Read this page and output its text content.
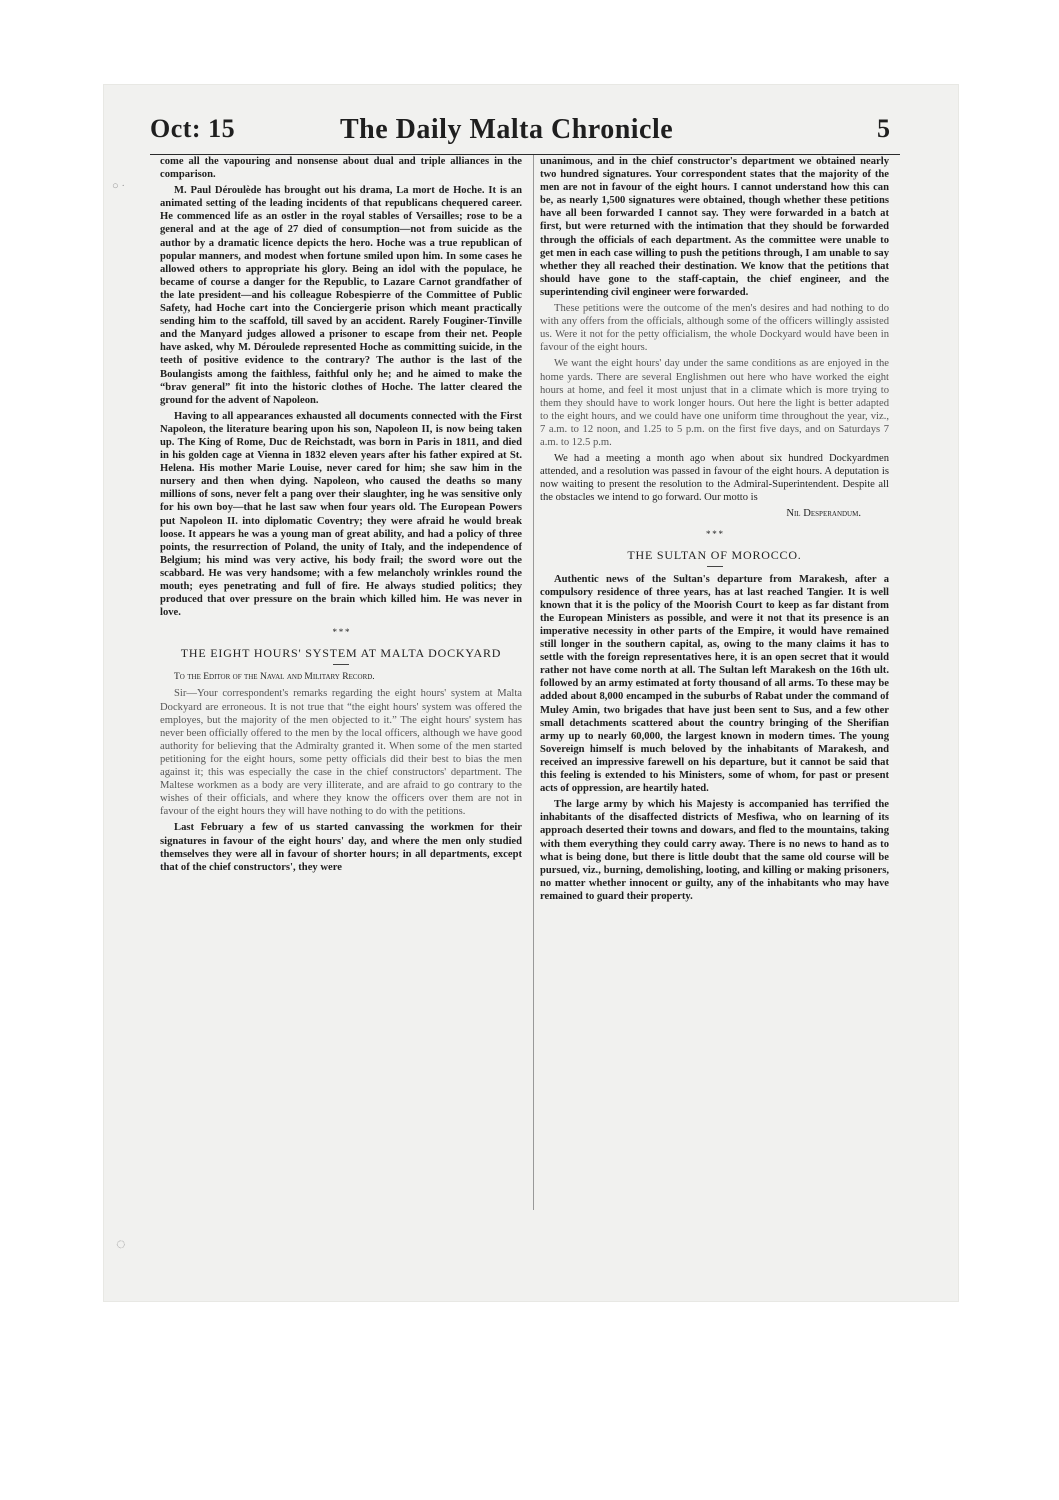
○ ·
◌
Oct: 15	The Daily Malta Chronicle	5

come all the vapouring and nonsense about dual and triple alliances in the comparison.

M. Paul Déroulède has brought out his drama, La mort de Hoche. It is an animated setting of the leading incidents of that republicans chequered career. He commenced life as an ostler in the royal stables of Versailles; rose to be a general and at the age of 27 died of consumption—not from suicide as the author by a dramatic licence depicts the hero. Hoche was a true republican of popular manners, and modest when fortune smiled upon him. In some cases he allowed others to appropriate his glory. Being an idol with the populace, he became of course a danger for the Republic, to Lazare Carnot grandfather of the late president—and his colleague Robespierre of the Committee of Public Safety, had Hoche cart into the Conciergerie prison which meant practically sending him to the scaffold, till saved by an accident. Rarely Fouginer-Tinville and the Manyard judges allowed a prisoner to escape from their net. People have asked, why M. Déroulede represented Hoche as committing suicide, in the teeth of positive evidence to the contrary? The author is the last of the Boulangists among the faithless, faithful only he; and he aimed to make the “brav general” fit into the historic clothes of Hoche. The latter cleared the ground for the advent of Napoleon.

Having to all appearances exhausted all documents connected with the First Napoleon, the literature bearing upon his son, Napoleon II, is now being taken up. The King of Rome, Duc de Reichstadt, was born in Paris in 1811, and died in his golden cage at Vienna in 1832 eleven years after his father expired at St. Helena. His mother Marie Louise, never cared for him; she saw him in the nursery and then when dying. Napoleon, who caused the deaths so many millions of sons, never felt a pang over their slaughter, ing he was sensitive only for his own boy—that he last saw when four years old. The European Powers put Napoleon II. into diplomatic Coventry; they were afraid he would break loose. It appears he was a young man of great ability, and had a policy of three points, the resurrection of Poland, the unity of Italy, and the independence of Belgium; his mind was very active, his body frail; the sword wore out the scabbard. He was very handsome; with a few melancholy wrinkles round the mouth; eyes penetrating and full of fire. He always studied politics; they produced that over pressure on the brain which killed him. He was never in love.

* * *
THE EIGHT HOURS' SYSTEM AT MALTA DOCKYARD

To the Editor of the Naval and Military Record.

Sir—Your correspondent's remarks regarding the eight hours' system at Malta Dockyard are erroneous. It is not true that “the eight hours' system was offered the employes, but the majority of the men objected to it.” The eight hours' system has never been officially offered to the men by the local officers, although we have good authority for believing that the Admiralty granted it. When some of the men started petitioning for the eight hours, some petty officials did their best to bias the men against it; this was especially the case in the chief constructors' department. The Maltese workmen as a body are very illiterate, and are afraid to go contrary to the wishes of their officials, and where they know the officers over them are not in favour of the eight hours they will have nothing to do with the petitions.

Last February a few of us started canvassing the workmen for their signatures in favour of the eight hours' day, and where the men only studied themselves they were all in favour of shorter hours; in all departments, except that of the chief constructors', they were

unanimous, and in the chief constructor's department we obtained nearly two hundred signatures. Your correspondent states that the majority of the men are not in favour of the eight hours. I cannot understand how this can be, as nearly 1,500 signatures were obtained, though whether these petitions have all been forwarded I cannot say. They were forwarded in a batch at first, but were returned with the intimation that they should be forwarded through the officials of each department. As the committee were unable to get men in each case willing to push the petitions through, I am unable to say whether they all reached their destination. We know that the petitions that should have gone to the staff-captain, the chief engineer, and the superintending civil engineer were forwarded.

These petitions were the outcome of the men's desires and had nothing to do with any offers from the officials, although some of the officers willingly assisted us. Were it not for the petty officialism, the whole Dockyard would have been in favour of the eight hours.

We want the eight hours' day under the same conditions as are enjoyed in the home yards. There are several Englishmen out here who have worked the eight hours at home, and feel it most unjust that in a climate which is more trying to them they should have to work longer hours. Out here the light is better adapted to the eight hours, and we could have one uniform time throughout the year, viz., 7 a.m. to 12 noon, and 1.25 to 5 p.m. on the first five days, and on Saturdays 7 a.m. to 12.5 p.m.

We had a meeting a month ago when about six hundred Dockyardmen attended, and a resolution was passed in favour of the eight hours. A deputation is now waiting to present the resolution to the Admiral-Superintendent. Despite all the obstacles we intend to go forward. Our motto is

Nil Desperandum.

* * *
THE SULTAN OF MOROCCO.

Authentic news of the Sultan's departure from Marakesh, after a compulsory residence of three years, has at last reached Tangier. It is well known that it is the policy of the Moorish Court to keep as far distant from the European Ministers as possible, and were it not that its presence is an imperative necessity in other parts of the Empire, it would have remained still longer in the southern capital, as, owing to the many claims it has to settle with the foreign representatives here, it is an open secret that it would rather not have come north at all. The Sultan left Marakesh on the 16th ult. followed by an army estimated at forty thousand of all arms. To these may be added about 8,000 encamped in the suburbs of Rabat under the command of Muley Amin, two brigades that have just been sent to Sus, and a few other small detachments scattered about the country bringing of the Sherifian army up to nearly 60,000, the largest known in modern times. The young Sovereign himself is much beloved by the inhabitants of Marakesh, and received an impressive farewell on his departure, but it cannot be said that this feeling is extended to his Ministers, some of whom, for past or present acts of oppression, are heartily hated.

The large army by which his Majesty is accompanied has terrified the inhabitants of the disaffected districts of Mesfiwa, who on learning of its approach deserted their towns and dowars, and fled to the mountains, taking with them everything they could carry away. There is no news to hand as to what is being done, but there is little doubt that the same old course will be pursued, viz., burning, demolishing, looting, and killing or making prisoners, no matter whether innocent or guilty, any of the inhabitants who may have remained to guard their property.
